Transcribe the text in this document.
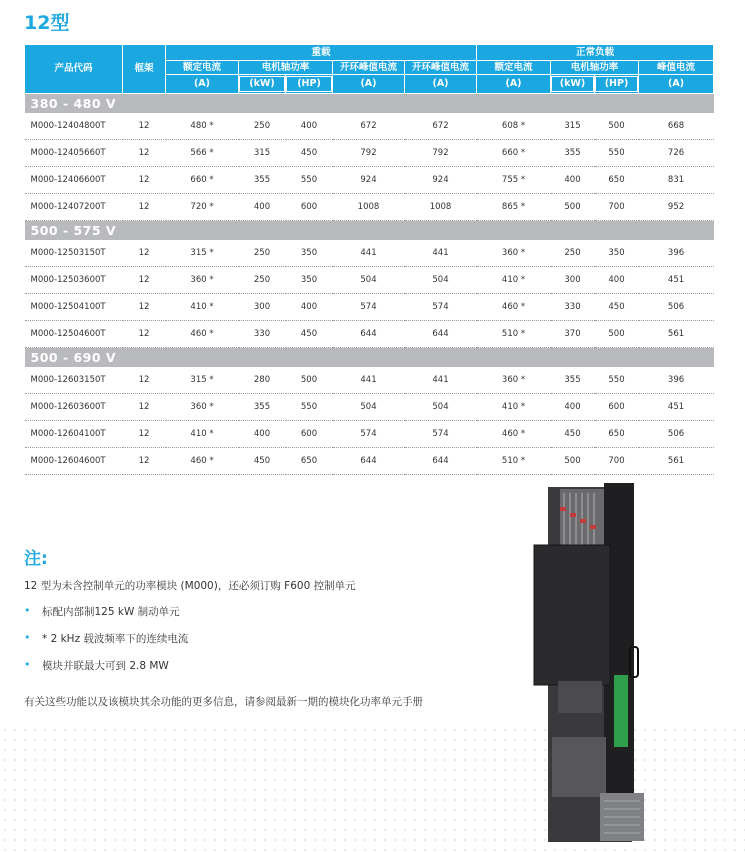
12型
产品代码	框架	重载					正常负载			
		额定电流	电机轴功率		开环峰值电流	开环峰值电流	额定电流	电机轴功率		峰值电流
		(A)	(kW)	(HP)	(A)	(A)	(A)	(kW)	(HP)	(A)
380 - 480 V										
M000-12404800T	12	480 *	250	400	672	672	608 *	315	500	668
M000-12405660T	12	566 *	315	450	792	792	660 *	355	550	726
M000-12406600T	12	660 *	355	550	924	924	755 *	400	650	831
M000-12407200T	12	720 *	400	600	1008	1008	865 *	500	700	952
500 - 575 V										
M000-12503150T	12	315 *	250	350	441	441	360 *	250	350	396
M000-12503600T	12	360 *	250	350	504	504	410 *	300	400	451
M000-12504100T	12	410 *	300	400	574	574	460 *	330	450	506
M000-12504600T	12	460 *	330	450	644	644	510 *	370	500	561
500 - 690 V										
M000-12603150T	12	315 *	280	500	441	441	360 *	355	550	396
M000-12603600T	12	360 *	355	550	504	504	410 *	400	600	451
M000-12604100T	12	410 *	400	600	574	574	460 *	450	650	506
M000-12604600T	12	460 *	450	650	644	644	510 *	500	700	561
注:
12 型为未含控制单元的功率模块 (M000)，还必须订购 F600 控制单元
•	标配内部制125 kW 制动单元
•	* 2 kHz 载波频率下的连续电流
•	模块并联最大可到 2.8 MW
有关这些功能以及该模块其余功能的更多信息，请参阅最新一期的模块化功率单元手册
